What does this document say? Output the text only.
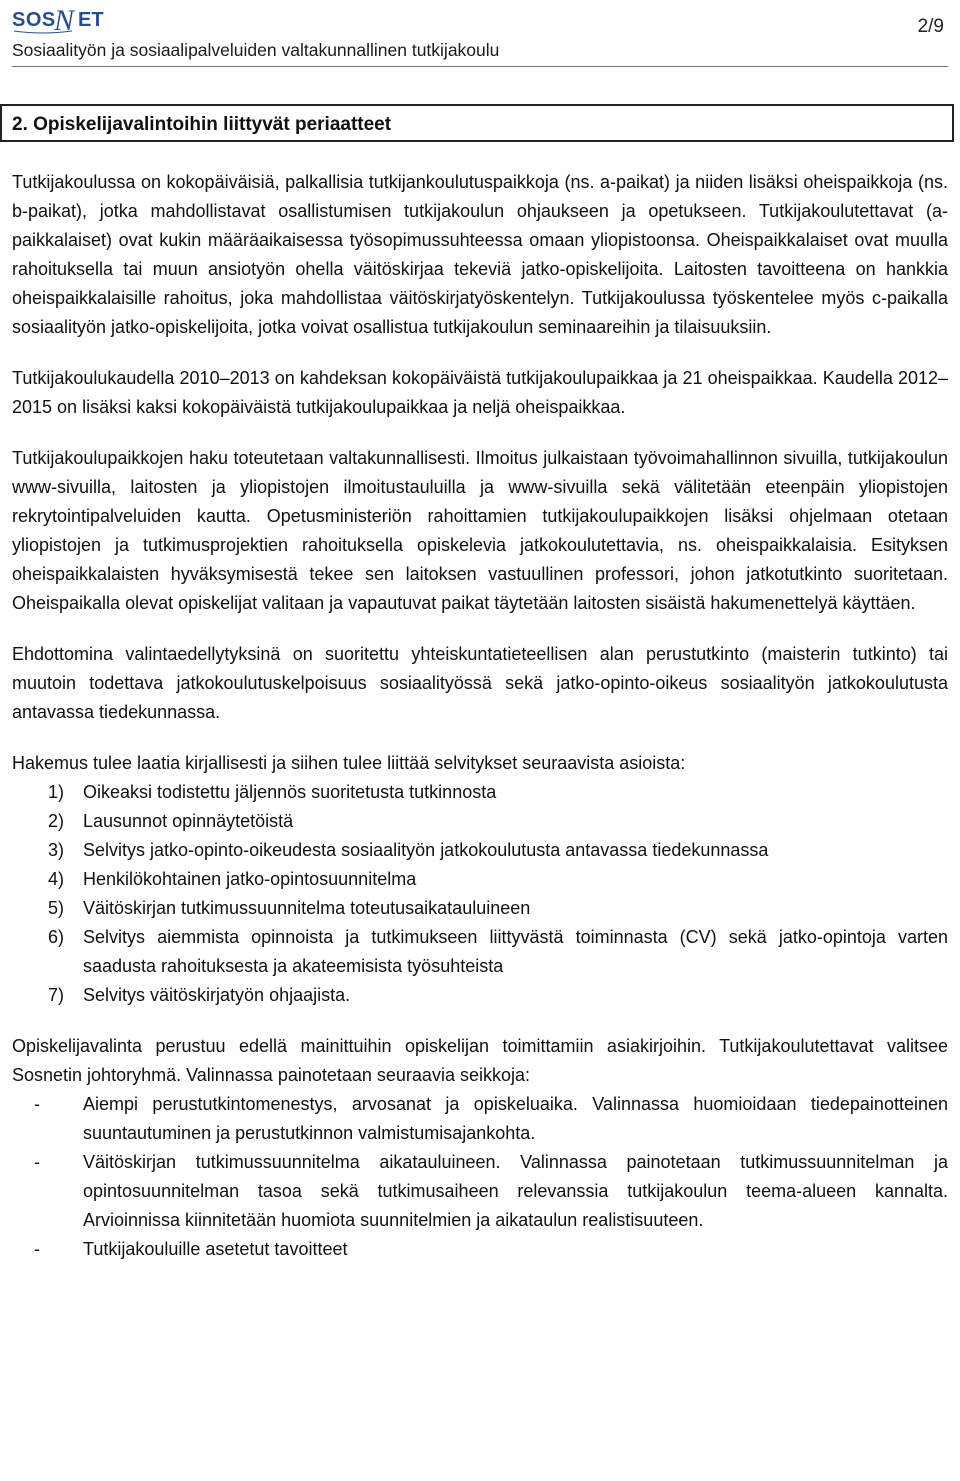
SOS
N ET	2/9
Sosiaalityön ja sosiaalipalveluiden valtakunnallinen tutkijakoulu
2. Opiskelijavalintoihin liittyvät periaatteet

Tutkijakoulussa on kokopäiväisiä, palkallisia tutkijankoulutuspaikkoja (ns. a-paikat) ja niiden lisäksi oheispaikkoja (ns. b-paikat), jotka mahdollistavat osallistumisen tutkijakoulun ohjaukseen ja opetukseen. Tutkijakoulutettavat (a-paikkalaiset) ovat kukin määräaikaisessa työsopimussuhteessa omaan yliopistoonsa. Oheispaikkalaiset ovat muulla rahoituksella tai muun ansiotyön ohella väitöskirjaa tekeviä jatko-opiskelijoita. Laitosten tavoitteena on hankkia oheispaikkalaisille rahoitus, joka mahdollistaa väitöskirjatyöskentelyn. Tutkijakoulussa työskentelee myös c-paikalla sosiaalityön jatko-opiskelijoita, jotka voivat osallistua tutkijakoulun seminaareihin ja tilaisuuksiin.

Tutkijakoulukaudella 2010–2013 on kahdeksan kokopäiväistä tutkijakoulupaikkaa ja 21 oheispaikkaa. Kaudella 2012–2015 on lisäksi kaksi kokopäiväistä tutkijakoulupaikkaa ja neljä oheispaikkaa.

Tutkijakoulupaikkojen haku toteutetaan valtakunnallisesti. Ilmoitus julkaistaan työvoimahallinnon sivuilla, tutkijakoulun www-sivuilla, laitosten ja yliopistojen ilmoitustauluilla ja www-sivuilla sekä välitetään eteenpäin yliopistojen rekrytointipalveluiden kautta. Opetusministeriön rahoittamien tutkijakoulupaikkojen lisäksi ohjelmaan otetaan yliopistojen ja tutkimusprojektien rahoituksella opiskelevia jatkokoulutettavia, ns. oheispaikkalaisia. Esityksen oheispaikkalaisten hyväksymisestä tekee sen laitoksen vastuullinen professori, johon jatkotutkinto suoritetaan. Oheispaikalla olevat opiskelijat valitaan ja vapautuvat paikat täytetään laitosten sisäistä hakumenettelyä käyttäen.

Ehdottomina valintaedellytyksinä on suoritettu yhteiskuntatieteellisen alan perustutkinto (maisterin tutkinto) tai muutoin todettava jatkokoulutuskelpoisuus sosiaalityössä sekä jatko-opinto-oikeus sosiaalityön jatkokoulutusta antavassa tiedekunnassa.

Hakemus tulee laatia kirjallisesti ja siihen tulee liittää selvitykset seuraavista asioista:

1) Oikeaksi todistettu jäljennös suoritetusta tutkinnosta
2) Lausunnot opinnäytetöistä
3) Selvitys jatko-opinto-oikeudesta sosiaalityön jatkokoulutusta antavassa tiedekunnassa
4) Henkilökohtainen jatko-opintosuunnitelma
5) Väitöskirjan tutkimussuunnitelma toteutusaikatauluineen
6) Selvitys aiemmista opinnoista ja tutkimukseen liittyvästä toiminnasta (CV) sekä jatko-opintoja varten saadusta rahoituksesta ja akateemisista työsuhteista
7) Selvitys väitöskirjatyön ohjaajista.

Opiskelijavalinta perustuu edellä mainittuihin opiskelijan toimittamiin asiakirjoihin. Tutkijakoulutettavat valitsee Sosnetin johtoryhmä. Valinnassa painotetaan seuraavia seikkoja:

- Aiempi perustutkintomenestys, arvosanat ja opiskeluaika. Valinnassa huomioidaan tiedepainotteinen suuntautuminen ja perustutkinnon valmistumisajankohta.
- Väitöskirjan tutkimussuunnitelma aikatauluineen. Valinnassa painotetaan tutkimussuunnitelman ja opintosuunnitelman tasoa sekä tutkimusaiheen relevanssia tutkijakoulun teema-alueen kannalta. Arvioinnissa kiinnitetään huomiota suunnitelmien ja aikataulun realistisuuteen.
- Tutkijakouluille asetetut tavoitteet
